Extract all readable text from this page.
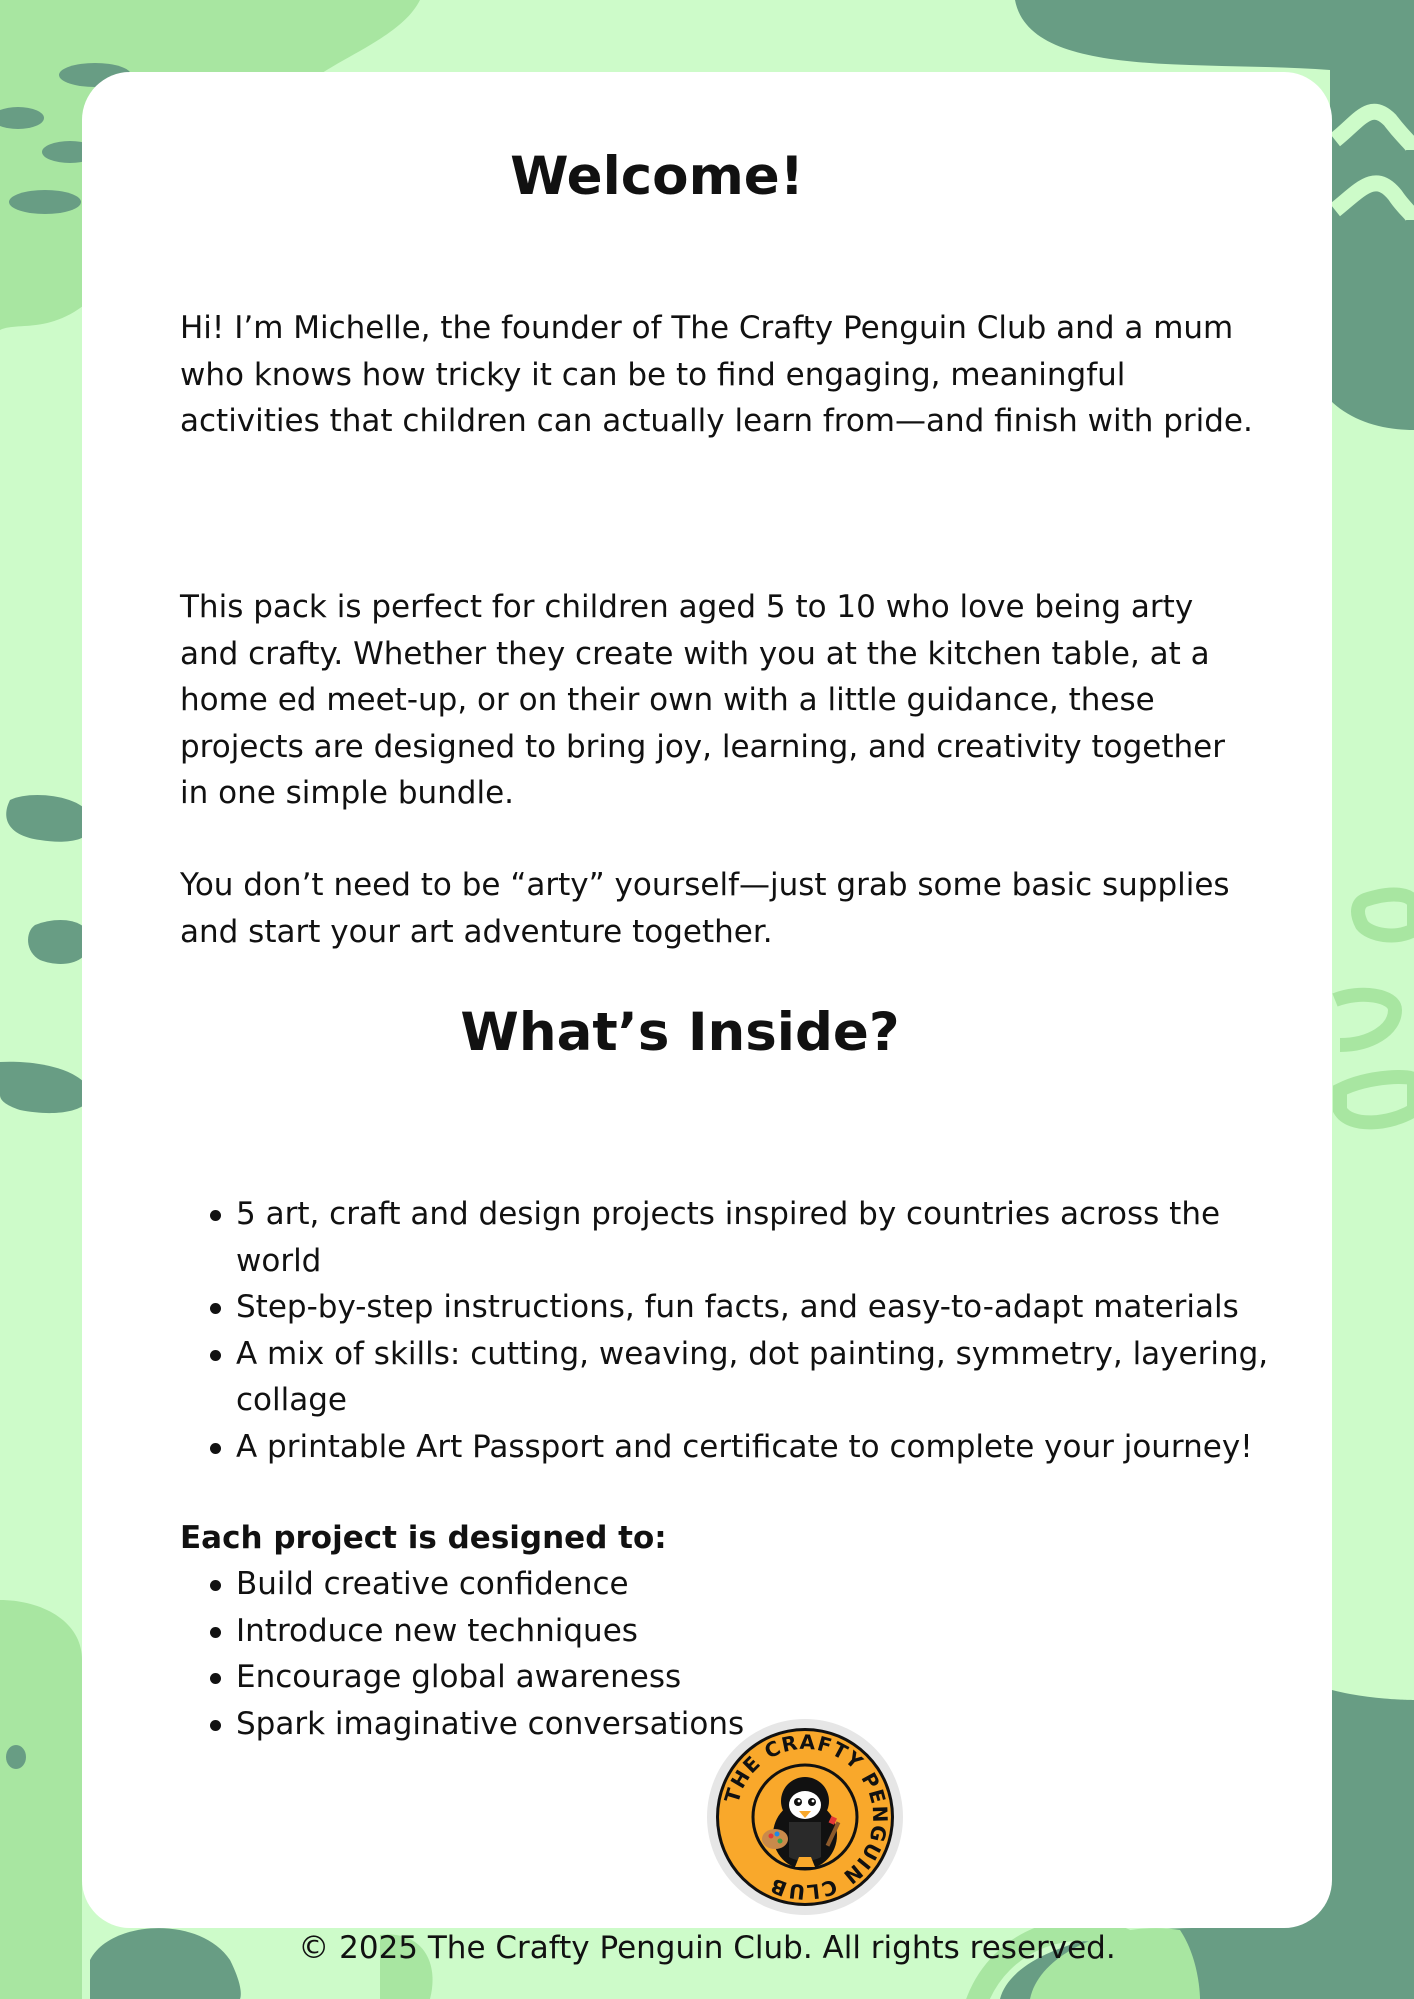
Welcome!

Hi! I’m Michelle, the founder of The Crafty Penguin Club and a mum who knows how tricky it can be to find engaging, meaningful activities that children can actually learn from—and finish with pride.

This pack is perfect for children aged 5 to 10 who love being arty and crafty. Whether they create with you at the kitchen table, at a home ed meet-up, or on their own with a little guidance, these projects are designed to bring joy, learning, and creativity together in one simple bundle.

You don’t need to be “arty” yourself—just grab some basic supplies and start your art adventure together.

What’s Inside?
5 art, craft and design projects inspired by countries across the world
Step-by-step instructions, fun facts, and easy-to-adapt materials
A mix of skills: cutting, weaving, dot painting, symmetry, layering, collage
A printable Art Passport and certificate to complete your journey!
Each project is designed to:
Build creative confidence
Introduce new techniques
Encourage global awareness
Spark imaginative conversations
THE CRAFTY PENGUIN CLUB
© 2025 The Crafty Penguin Club. All rights reserved.
